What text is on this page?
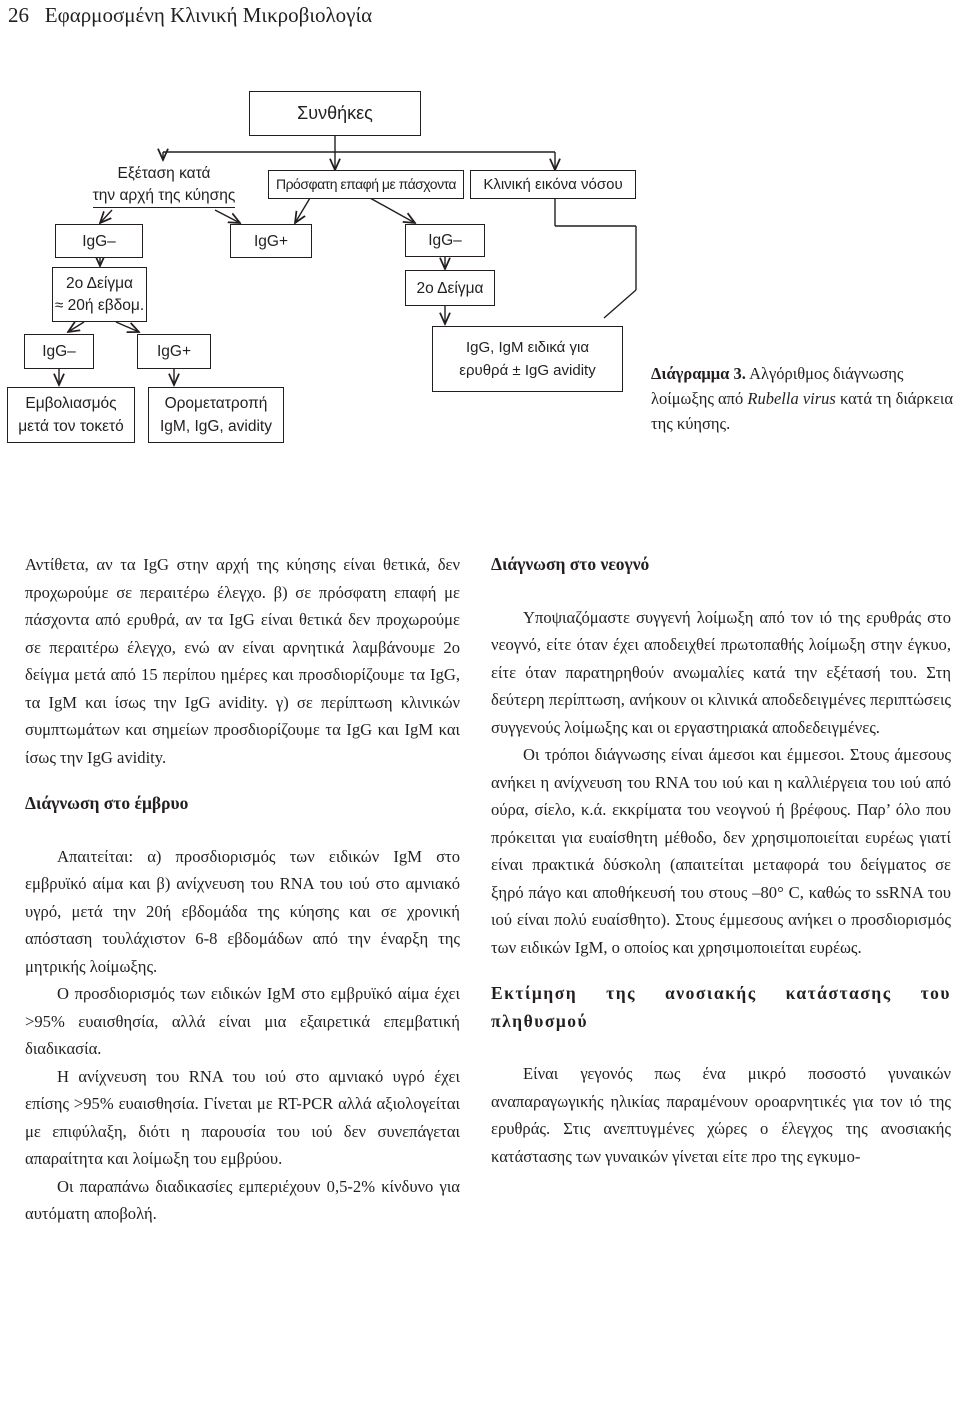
26 Εφαρμοσμένη Κλινική Μικροβιολογία
Συνθήκες
Εξέταση κατά
την αρχή της κύησης
Πρόσφατη επαφή με πάσχοντα Κλινική εικόνα νόσου
IgG–	IgG+	IgG–
2ο Δείγμα
≈ 20ή εβδομ.
2ο Δείγμα
IgG–	IgG+	IgG, IgM ειδικά για
ερυθρά ± IgG avidity
Εμβολιασμός
μετά τον τοκετό
Ορομετατροπή
IgM, IgG, avidity
Διάγραμμα 3. Αλγόριθμος διάγνωσης λοίμωξης από Rubella virus κατά τη διάρκεια της κύησης.

Αντίθετα, αν τα IgG στην αρχή της κύησης είναι θετικά, δεν προχωρούμε σε περαιτέρω έλεγχο. β) σε πρόσφατη επαφή με πάσχοντα από ερυθρά, αν τα IgG είναι θετικά δεν προχωρούμε σε περαιτέρω έλεγχο, ενώ αν είναι αρνητικά λαμβάνουμε 2ο δείγμα μετά από 15 περίπου ημέρες και προσδιορίζουμε τα IgG, τα IgM και ίσως την IgG avidity. γ) σε περίπτωση κλινικών συμπτωμάτων και σημείων προσδιορίζουμε τα IgG και IgM και ίσως την IgG avidity.

Διάγνωση στο έμβρυο

Απαιτείται: α) προσδιορισμός των ειδικών IgM στο εμβρυϊκό αίμα και β) ανίχνευση του RNA του ιού στο αμνιακό υγρό, μετά την 20ή εβδομάδα της κύησης και σε χρονική απόσταση τουλάχιστον 6-8 εβδομάδων από την έναρξη της μητρικής λοίμωξης.

Ο προσδιορισμός των ειδικών IgM στο εμβρυϊκό αίμα έχει >95% ευαισθησία, αλλά είναι μια εξαιρετικά επεμβατική διαδικασία.

Η ανίχνευση του RNA του ιού στο αμνιακό υγρό έχει επίσης >95% ευαισθησία. Γίνεται με RT-PCR αλλά αξιολογείται με επιφύλαξη, διότι η παρουσία του ιού δεν συνεπάγεται απαραίτητα και λοίμωξη του εμβρύου.

Οι παραπάνω διαδικασίες εμπεριέχουν 0,5-2% κίνδυνο για αυτόματη αποβολή.

Διάγνωση στο νεογνό

Υποψιαζόμαστε συγγενή λοίμωξη από τον ιό της ερυθράς στο νεογνό, είτε όταν έχει αποδειχθεί πρωτοπαθής λοίμωξη στην έγκυο, είτε όταν παρατηρηθούν ανωμαλίες κατά την εξέτασή του. Στη δεύτερη περίπτωση, ανήκουν οι κλινικά αποδεδειγμένες περιπτώσεις συγγενούς λοίμωξης και οι εργαστηριακά αποδεδειγμένες.

Οι τρόποι διάγνωσης είναι άμεσοι και έμμεσοι. Στους άμεσους ανήκει η ανίχνευση του RNA του ιού και η καλλιέργεια του ιού από ούρα, σίελο, κ.ά. εκκρίματα του νεογνού ή βρέφους. Παρ’ όλο που πρόκειται για ευαίσθητη μέθοδο, δεν χρησιμοποιείται ευρέως γιατί είναι πρακτικά δύσκολη (απαιτείται μεταφορά του δείγματος σε ξηρό πάγο και αποθήκευσή του στους –80° C, καθώς το ssRNA του ιού είναι πολύ ευαίσθητο). Στους έμμεσους ανήκει ο προσδιορισμός των ειδικών IgM, ο οποίος και χρησιμοποιείται ευρέως.

Εκτίμηση της ανοσιακής κατάστασης του πληθυσμού

Είναι γεγονός πως ένα μικρό ποσοστό γυναικών αναπαραγωγικής ηλικίας παραμένουν οροαρνητικές για τον ιό της ερυθράς. Στις ανεπτυγμένες χώρες ο έλεγχος της ανοσιακής κατάστασης των γυναικών γίνεται είτε προ της εγκυμο-
